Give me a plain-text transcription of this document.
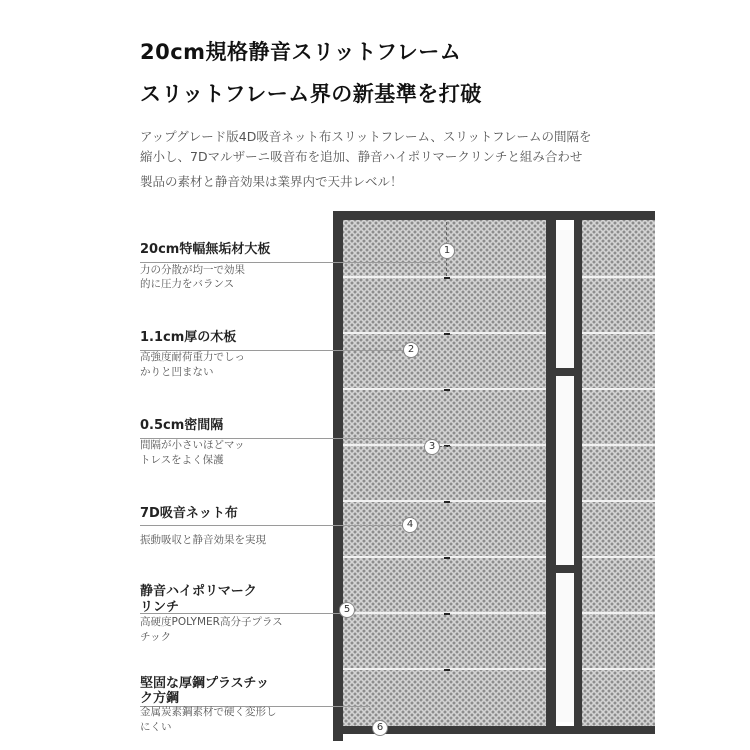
20cm規格静音スリットフレーム
スリットフレーム界の新基準を打破
アップグレード版4D吸音ネット布スリットフレーム、スリットフレームの間隔を
縮小し、7Dマルザーニ吸音布を追加、静音ハイポリマークリンチと組み合わせ
製品の素材と静音効果は業界内で天井レベル！
1
2
3
4
5
6
20cm特幅無垢材大板
力の分散が均一で効果
的に圧力をバランス
1.1cm厚の木板
高強度耐荷重力でしっ
かりと凹まない
0.5cm密間隔
間隔が小さいほどマッ
トレスをよく保護
7D吸音ネット布
振動吸収と静音効果を実現
静音ハイポリマーク
リンチ
高硬度POLYMER高分子プラス
チック
堅固な厚鋼プラスチッ
ク方鋼
金属炭素鋼素材で硬く変形し
にくい
